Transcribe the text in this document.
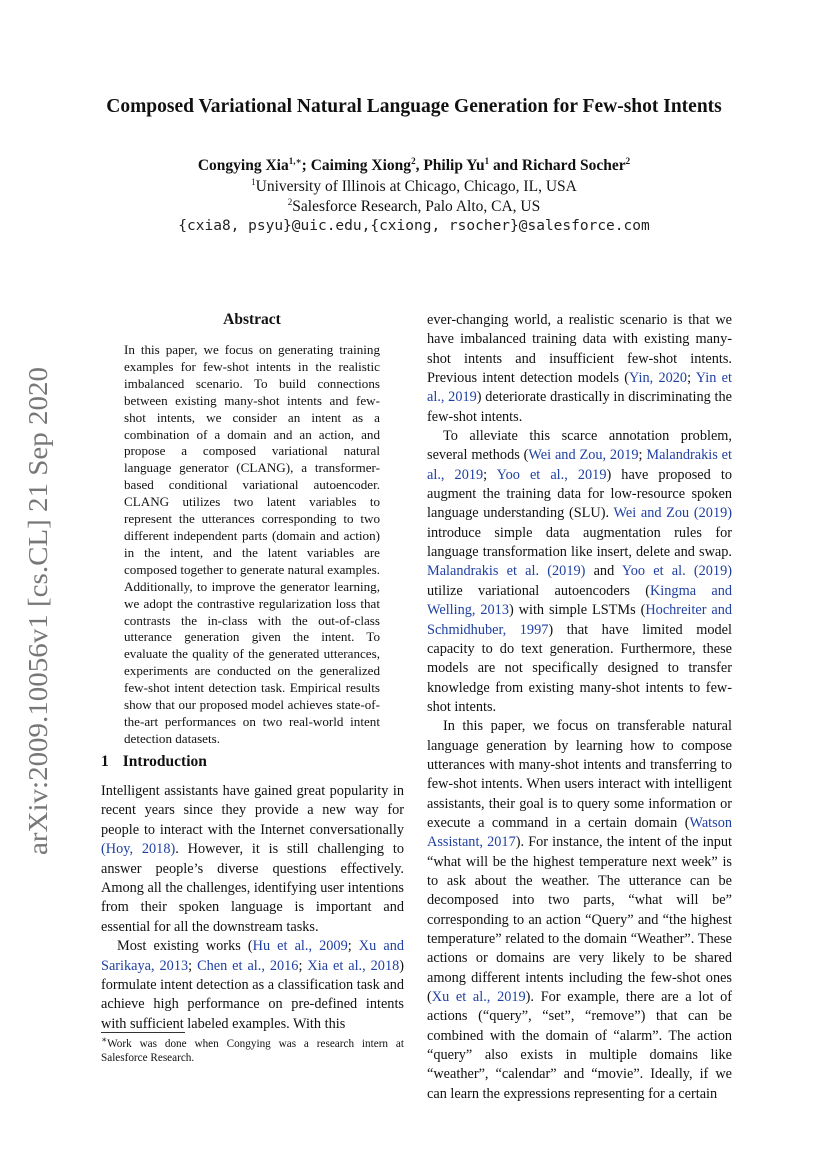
Composed Variational Natural Language Generation for Few-shot Intents
Congying Xia$^{1,∗}$; Caiming Xiong$^2$, Philip Yu$^1$ and Richard Socher$^2$
$^1$University of Illinois at Chicago, Chicago, IL, USA
$^2$Salesforce Research, Palo Alto, CA, US
{cxia8, psyu}@uic.edu,{cxiong, rsocher}@salesforce.com
arXiv:2009.10056v1 [cs.CL] 21 Sep 2020
Abstract
In this paper, we focus on generating training examples for few-shot intents in the realistic imbalanced scenario. To build connections between existing many-shot intents and few-shot intents, we consider an intent as a combination of a domain and an action, and propose a composed variational natural language generator (CLANG), a transformer-based conditional variational autoencoder. CLANG utilizes two latent variables to represent the utterances corresponding to two different independent parts (domain and action) in the intent, and the latent variables are composed together to generate natural examples. Additionally, to improve the generator learning, we adopt the contrastive regularization loss that contrasts the in-class with the out-of-class utterance generation given the intent. To evaluate the quality of the generated utterances, experiments are conducted on the generalized few-shot intent detection task. Empirical results show that our proposed model achieves state-of-the-art performances on two real-world intent detection datasets.
1 Introduction

Intelligent assistants have gained great popularity in recent years since they provide a new way for people to interact with the Internet conversationally (Hoy, 2018). However, it is still challenging to answer people’s diverse questions effectively. Among all the challenges, identifying user intentions from their spoken language is important and essential for all the downstream tasks.

Most existing works (Hu et al., 2009; Xu and Sarikaya, 2013; Chen et al., 2016; Xia et al., 2018) formulate intent detection as a classification task and achieve high performance on pre-defined intents with sufficient labeled examples. With this

ever-changing world, a realistic scenario is that we have imbalanced training data with existing many-shot intents and insufficient few-shot intents. Previous intent detection models (Yin, 2020; Yin et al., 2019) deteriorate drastically in discriminating the few-shot intents.

To alleviate this scarce annotation problem, several methods (Wei and Zou, 2019; Malandrakis et al., 2019; Yoo et al., 2019) have proposed to augment the training data for low-resource spoken language understanding (SLU). Wei and Zou (2019) introduce simple data augmentation rules for language transformation like insert, delete and swap. Malandrakis et al. (2019) and Yoo et al. (2019) utilize variational autoencoders (Kingma and Welling, 2013) with simple LSTMs (Hochreiter and Schmidhuber, 1997) that have limited model capacity to do text generation. Furthermore, these models are not specifically designed to transfer knowledge from existing many-shot intents to few-shot intents.

In this paper, we focus on transferable natural language generation by learning how to compose utterances with many-shot intents and transferring to few-shot intents. When users interact with intelligent assistants, their goal is to query some information or execute a command in a certain domain (Watson Assistant, 2017). For instance, the intent of the input “what will be the highest temperature next week” is to ask about the weather. The utterance can be decomposed into two parts, “what will be” corresponding to an action “Query” and “the highest temperature” related to the domain “Weather”. These actions or domains are very likely to be shared among different intents including the few-shot ones (Xu et al., 2019). For example, there are a lot of actions (“query”, “set”, “remove”) that can be combined with the domain of “alarm”. The action “query” also exists in multiple domains like “weather”, “calendar” and “movie”. Ideally, if we can learn the expressions representing for a certain

∗Work was done when Congying was a research intern at Salesforce Research.
